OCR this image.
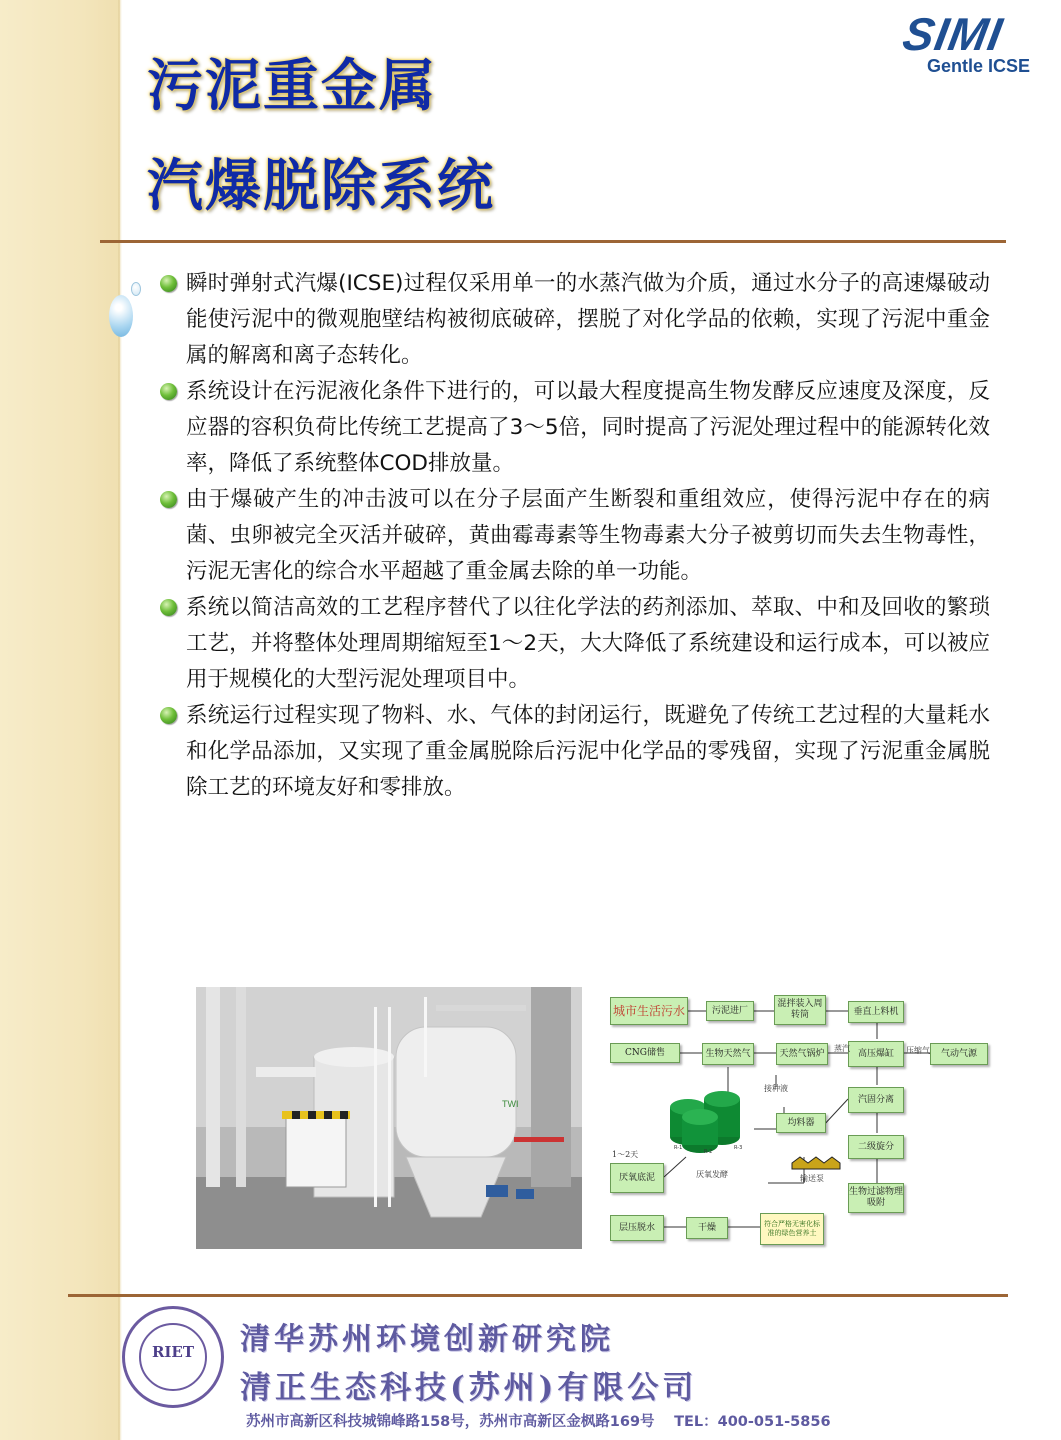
污泥重金属
汽爆脱除系统
SIMI
Gentle ICSE
瞬时弹射式汽爆(ICSE)过程仅采用单一的水蒸汽做为介质，通过水分子的高速爆破动能使污泥中的微观胞壁结构被彻底破碎，摆脱了对化学品的依赖，实现了污泥中重金属的解离和离子态转化。
系统设计在污泥液化条件下进行的，可以最大程度提高生物发酵反应速度及深度，反应器的容积负荷比传统工艺提高了3～5倍，同时提高了污泥处理过程中的能源转化效率，降低了系统整体COD排放量。
由于爆破产生的冲击波可以在分子层面产生断裂和重组效应，使得污泥中存在的病菌、虫卵被完全灭活并破碎，黄曲霉毒素等生物毒素大分子被剪切而失去生物毒性，污泥无害化的综合水平超越了重金属去除的单一功能。
系统以简洁高效的工艺程序替代了以往化学法的药剂添加、萃取、中和及回收的繁琐工艺，并将整体处理周期缩短至1～2天，大大降低了系统建设和运行成本，可以被应用于规模化的大型污泥处理项目中。
系统运行过程实现了物料、水、气体的封闭运行，既避免了传统工艺过程的大量耗水和化学品添加，又实现了重金属脱除后污泥中化学品的零残留，实现了污泥重金属脱除工艺的环境友好和零排放。
TWI
R-1
R-2
R-3
城市生活污水	污泥进厂
混拌装入周转筒	垂直上料机
CNG储售	生物天然气	天然气锅炉	高压爆缸	气动气源
蒸汽	压缩气
接种液
汽固分离
均料器
二级旋分
输送泵
生物过滤物理吸附
1～2天
厌氧底泥	厌氧发酵
层压脱水	干燥	符合严格无害化标准的绿色营养土
RIET	清华苏州环境创新研究院
清正生态科技(苏州)有限公司
苏州市高新区科技城锦峰路158号，苏州市高新区金枫路169号　 TEL：400-051-5856
